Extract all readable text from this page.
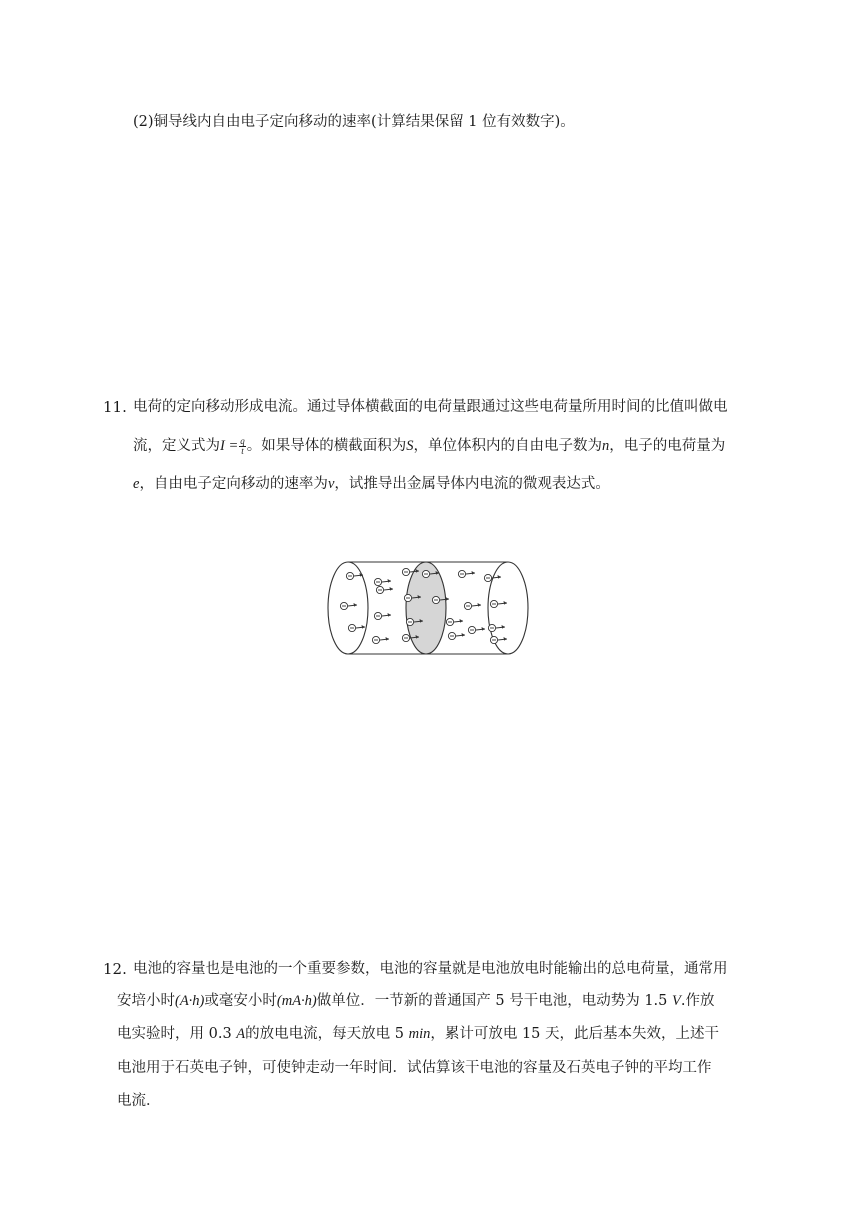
(2)铜导线内自由电子定向移动的速率(计算结果保留 1 位有效数字)。
11. 电荷的定向移动形成电流。通过导体横截面的电荷量跟通过这些电荷量所用时间的比值叫做电
流，定义式为$I = \frac{q}{t}$ 。如果导体的横截面积为S，单位体积内的自由电子数为n，电子的电荷量为
e，自由电子定向移动的速率为v，试推导出金属导体内电流的微观表达式。
12. 电池的容量也是电池的一个重要参数，电池的容量就是电池放电时能输出的总电荷量，通常用
安培小时(A·h)或毫安小时(mA·h)做单位．一节新的普通国产 5 号干电池，电动势为 1.5 V.作放
电实验时，用 0.3 A的放电电流，每天放电 5 min，累计可放电 15 天，此后基本失效，上述干
电池用于石英电子钟，可使钟走动一年时间．试估算该干电池的容量及石英电子钟的平均工作
电流．
